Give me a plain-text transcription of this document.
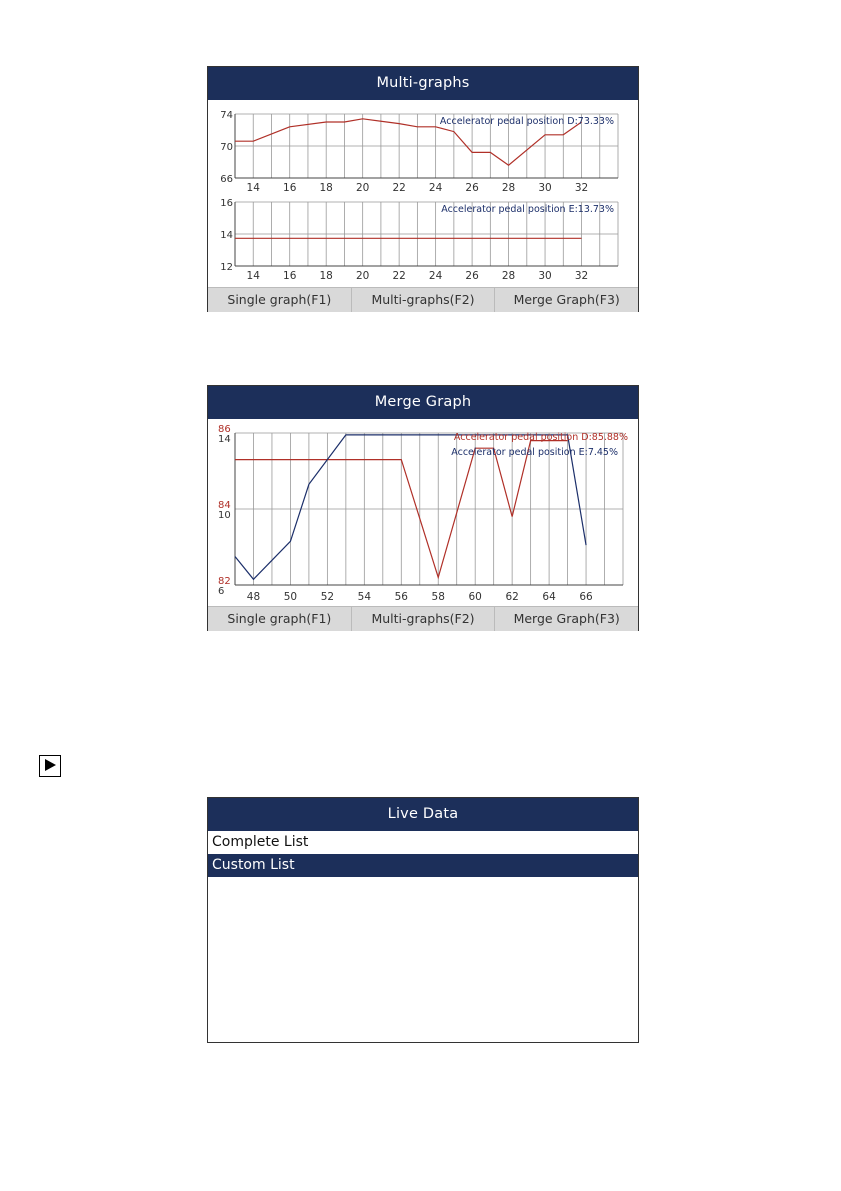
Multi-graphs
66
70
74
14 16 18 20 22 24 26 28 30 32
Accelerator pedal position D:73.33%
12
14
16
14 16 18 20 22 24 26 28 30 32
Accelerator pedal position E:13.73%
Single graph(F1)	Multi-graphs(F2)	Merge Graph(F3)
Merge Graph
82
6
84
10
86
14
48 50 52 54 56 58 60 62 64 66
Accelerator pedal position D:85.88%
Accelerator pedal position E:7.45%
Single graph(F1)	Multi-graphs(F2)	Merge Graph(F3)
Live Data
Complete List
Custom List
